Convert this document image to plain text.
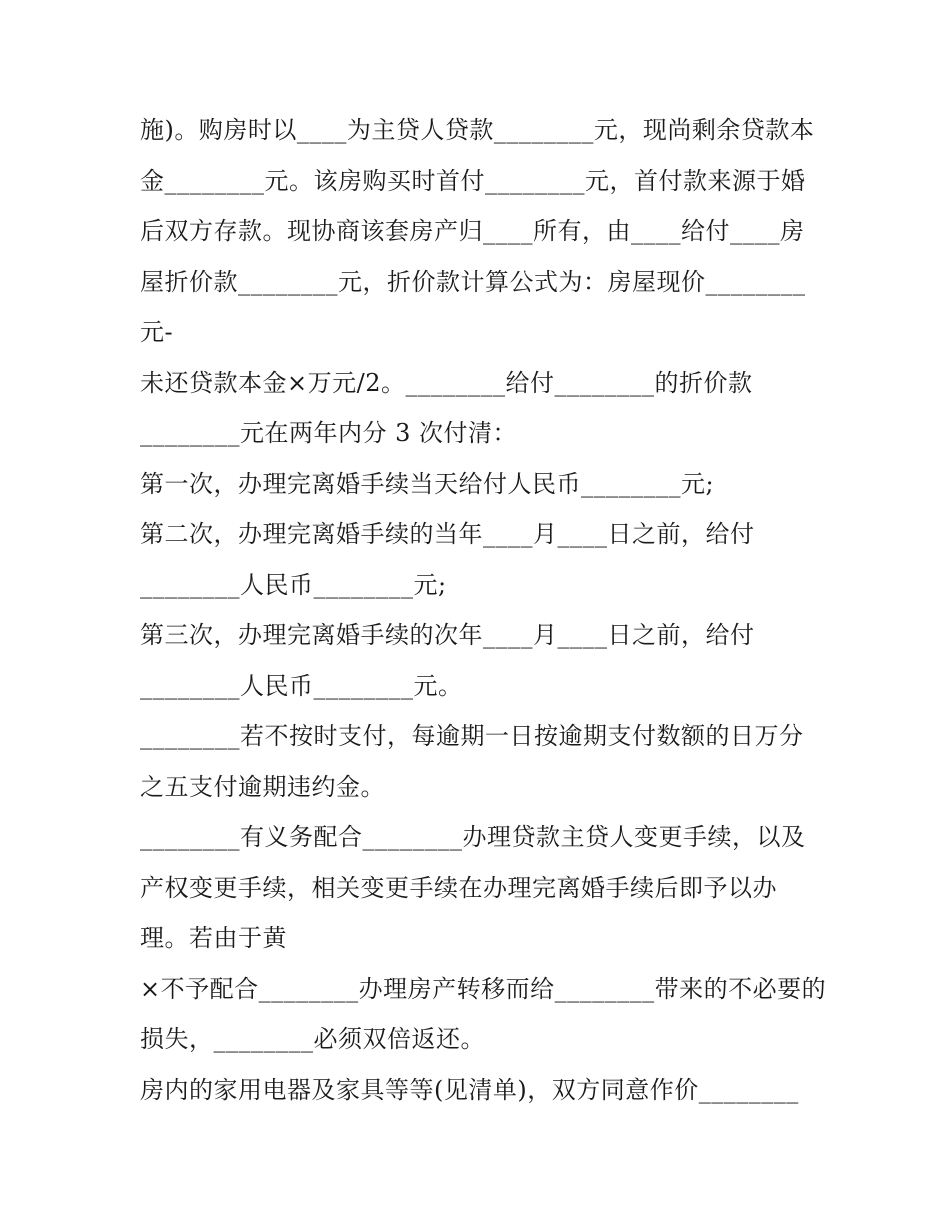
施)。购房时以____为主贷人贷款________元，现尚剩余贷款本
金________元。该房购买时首付________元，首付款来源于婚
后双方存款。现协商该套房产归____所有，由____给付____房
屋折价款________元，折价款计算公式为：房屋现价________
元-
未还贷款本金×万元/2。________给付________的折价款
________元在两年内分 3 次付清：
第一次，办理完离婚手续当天给付人民币________元;
第二次，办理完离婚手续的当年____月____日之前，给付
________人民币________元;
第三次，办理完离婚手续的次年____月____日之前，给付
________人民币________元。
________若不按时支付，每逾期一日按逾期支付数额的日万分
之五支付逾期违约金。
________有义务配合________办理贷款主贷人变更手续，以及
产权变更手续，相关变更手续在办理完离婚手续后即予以办
理。若由于黄
×不予配合________办理房产转移而给________带来的不必要的
损失，________必须双倍返还。
房内的家用电器及家具等等(见清单)，双方同意作价________
